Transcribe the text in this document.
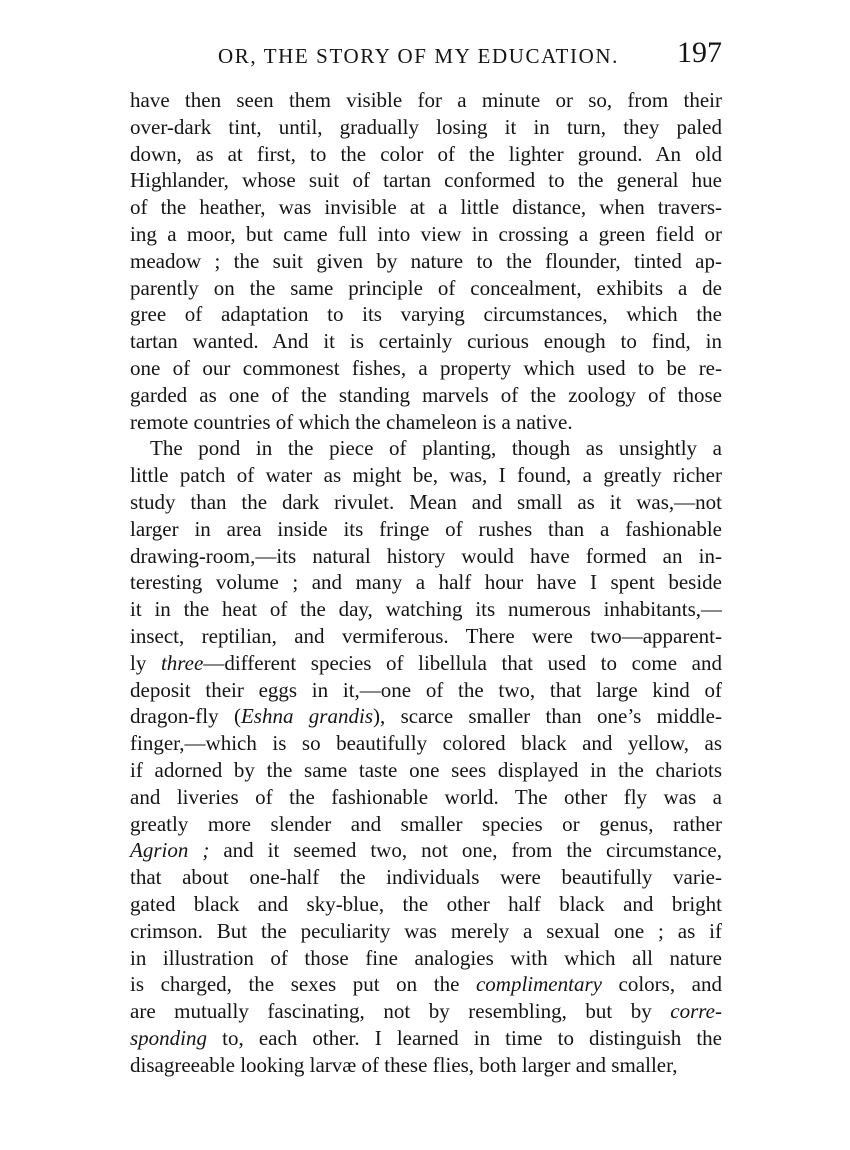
OR, THE STORY OF MY EDUCATION. 197
have then seen them visible for a minute or so, from their
over-dark tint, until, gradually losing it in turn, they paled
down, as at first, to the color of the lighter ground. An old
Highlander, whose suit of tartan conformed to the general hue
of the heather, was invisible at a little distance, when travers-
ing a moor, but came full into view in crossing a green field or
meadow ; the suit given by nature to the flounder, tinted ap-
parently on the same principle of concealment, exhibits a de
gree of adaptation to its varying circumstances, which the
tartan wanted. And it is certainly curious enough to find, in
one of our commonest fishes, a property which used to be re-
garded as one of the standing marvels of the zoology of those
remote countries of which the chameleon is a native.
The pond in the piece of planting, though as unsightly a
little patch of water as might be, was, I found, a greatly richer
study than the dark rivulet. Mean and small as it was,—not
larger in area inside its fringe of rushes than a fashionable
drawing-room,—its natural history would have formed an in-
teresting volume ; and many a half hour have I spent beside
it in the heat of the day, watching its numerous inhabitants,—
insect, reptilian, and vermiferous. There were two—apparent-
ly three—different species of libellula that used to come and
deposit their eggs in it,—one of the two, that large kind of
dragon-fly (Eshna grandis), scarce smaller than one’s middle-
finger,—which is so beautifully colored black and yellow, as
if adorned by the same taste one sees displayed in the chariots
and liveries of the fashionable world. The other fly was a
greatly more slender and smaller species or genus, rather
Agrion ; and it seemed two, not one, from the circumstance,
that about one-half the individuals were beautifully varie-
gated black and sky-blue, the other half black and bright
crimson. But the peculiarity was merely a sexual one ; as if
in illustration of those fine analogies with which all nature
is charged, the sexes put on the complimentary colors, and
are mutually fascinating, not by resembling, but by corre-
sponding to, each other. I learned in time to distinguish the
disagreeable looking larvæ of these flies, both larger and smaller,
